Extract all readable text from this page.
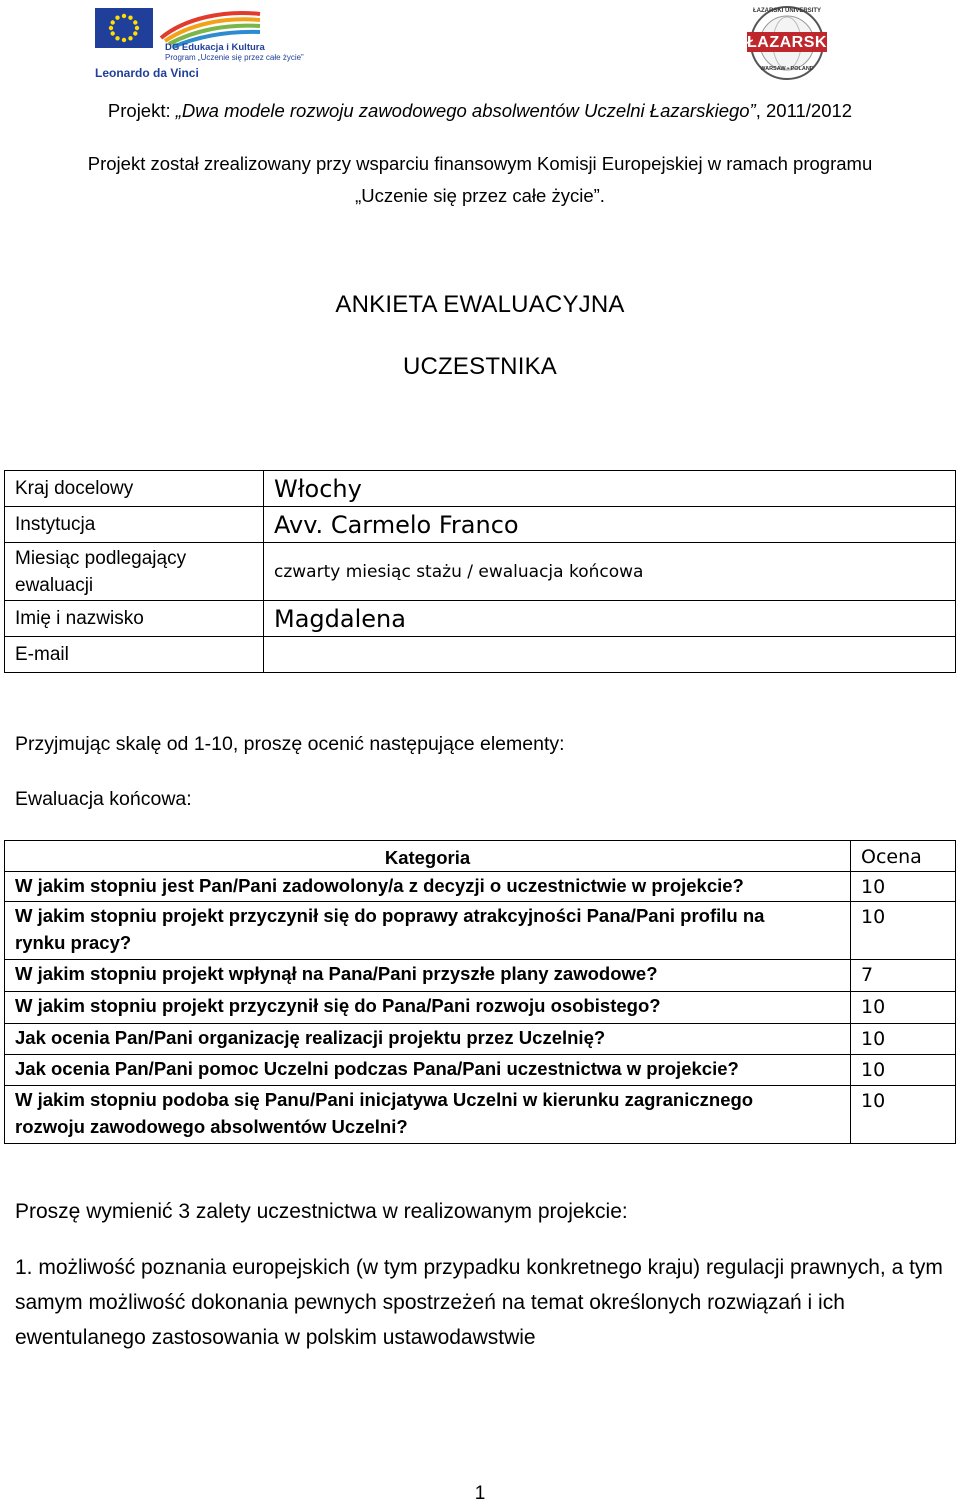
DG Edukacja i Kultura
Program „Uczenie się przez całe życie”
Leonardo da Vinci
ŁAZARSKI
ŁAZARSKI UNIVERSITY
WARSAW • POLAND
Projekt: „Dwa modele rozwoju zawodowego absolwentów Uczelni Łazarskiego”, 2011/2012
Projekt został zrealizowany przy wsparciu finansowym Komisji Europejskiej w ramach programu
„Uczenie się przez całe życie”.
ANKIETA EWALUACYJNA
UCZESTNIKA
Kraj docelowy	Włochy
Instytucja	Avv. Carmelo Franco
Miesiąc podlegający ewaluacji	czwarty miesiąc stażu / ewaluacja końcowa
Imię i nazwisko	Magdalena
E-mail	
Przyjmując skalę od 1-10, proszę ocenić następujące elementy:
Ewaluacja końcowa:
Kategoria	Ocena
W jakim stopniu jest Pan/Pani zadowolony/a z decyzji o uczestnictwie w projekcie?	10
W jakim stopniu projekt przyczynił się do poprawy atrakcyjności Pana/Pani profilu na rynku pracy?	10
W jakim stopniu projekt wpłynął na Pana/Pani przyszłe plany zawodowe?	7
W jakim stopniu projekt przyczynił się do Pana/Pani rozwoju osobistego?	10
Jak ocenia Pan/Pani organizację realizacji projektu przez Uczelnię?	10
Jak ocenia Pan/Pani pomoc Uczelni podczas Pana/Pani uczestnictwa w projekcie?	10
W jakim stopniu podoba się Panu/Pani inicjatywa Uczelni w kierunku zagranicznego rozwoju zawodowego absolwentów Uczelni?	10
Proszę wymienić 3 zalety uczestnictwa w realizowanym projekcie:
1. możliwość poznania europejskich (w tym przypadku konkretnego kraju) regulacji prawnych, a tym samym możliwość dokonania pewnych spostrzeżeń na temat określonych rozwiązań i ich ewentulanego zastosowania w polskim ustawodawstwie
1
